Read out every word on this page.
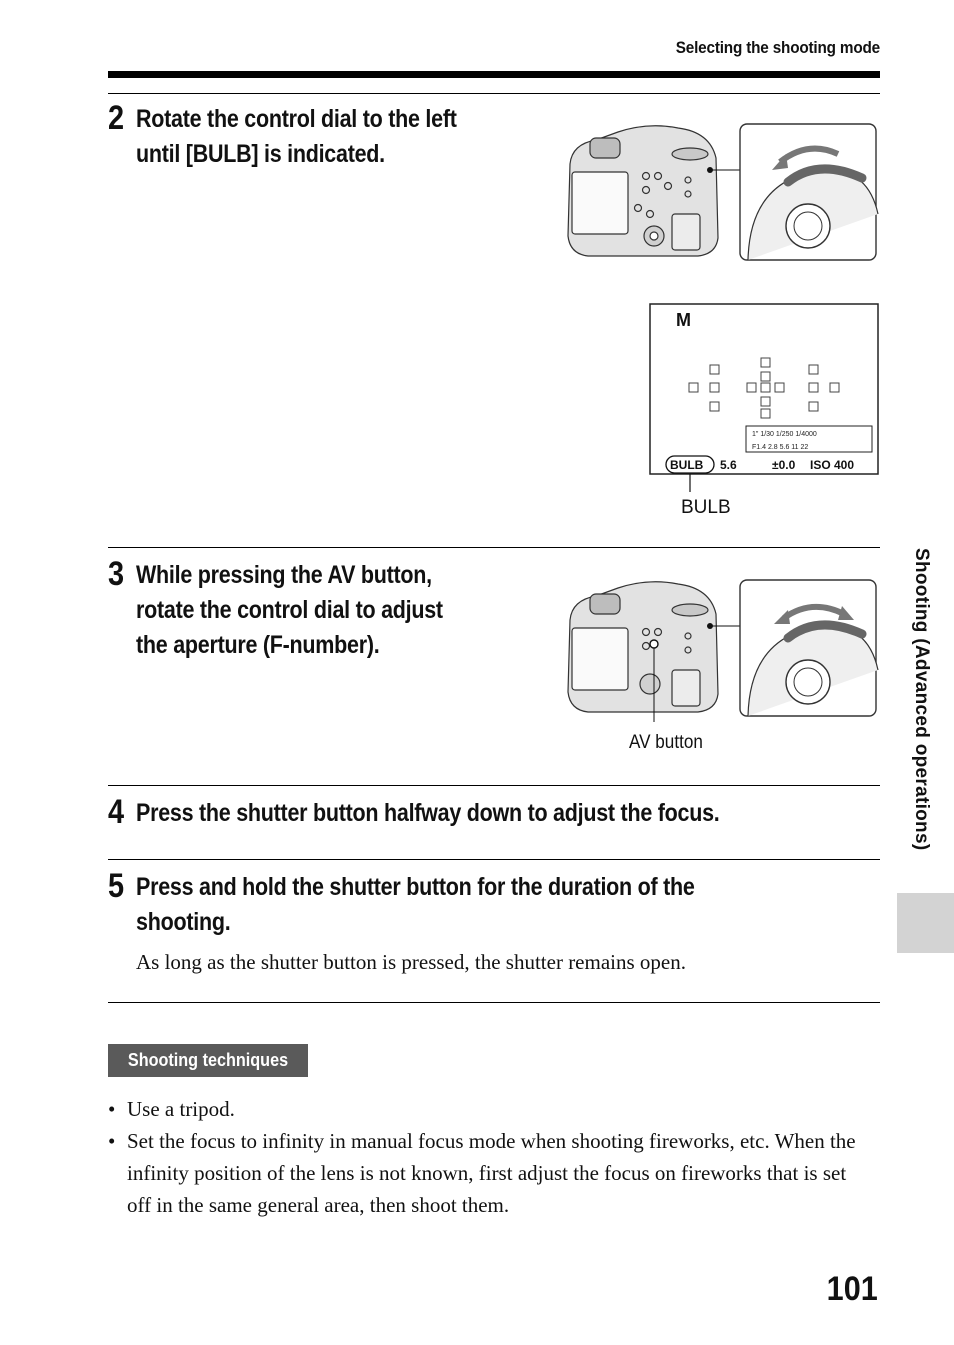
Selecting the shooting mode
2 Rotate the control dial to the left
until [BULB] is indicated.
M
1" 1/30 1/250 1/4000
F1.4 2.8 5.6 11 22
BULB 5.6	±0.0 ISO 400
BULB
3 While pressing the AV button,
rotate the control dial to adjust
the aperture (F-number).
AV button
4 Press the shutter button halfway down to adjust the focus.
5 Press and hold the shutter button for the duration of the
shooting.
As long as the shutter button is pressed, the shutter remains open.
Shooting techniques
• Use a tripod.
• Set the focus to infinity in manual focus mode when shooting fireworks, etc. When the infinity position of the lens is not known, first adjust the focus on fireworks that is set off in the same general area, then shoot them.
Shooting (Advanced operations)
101
